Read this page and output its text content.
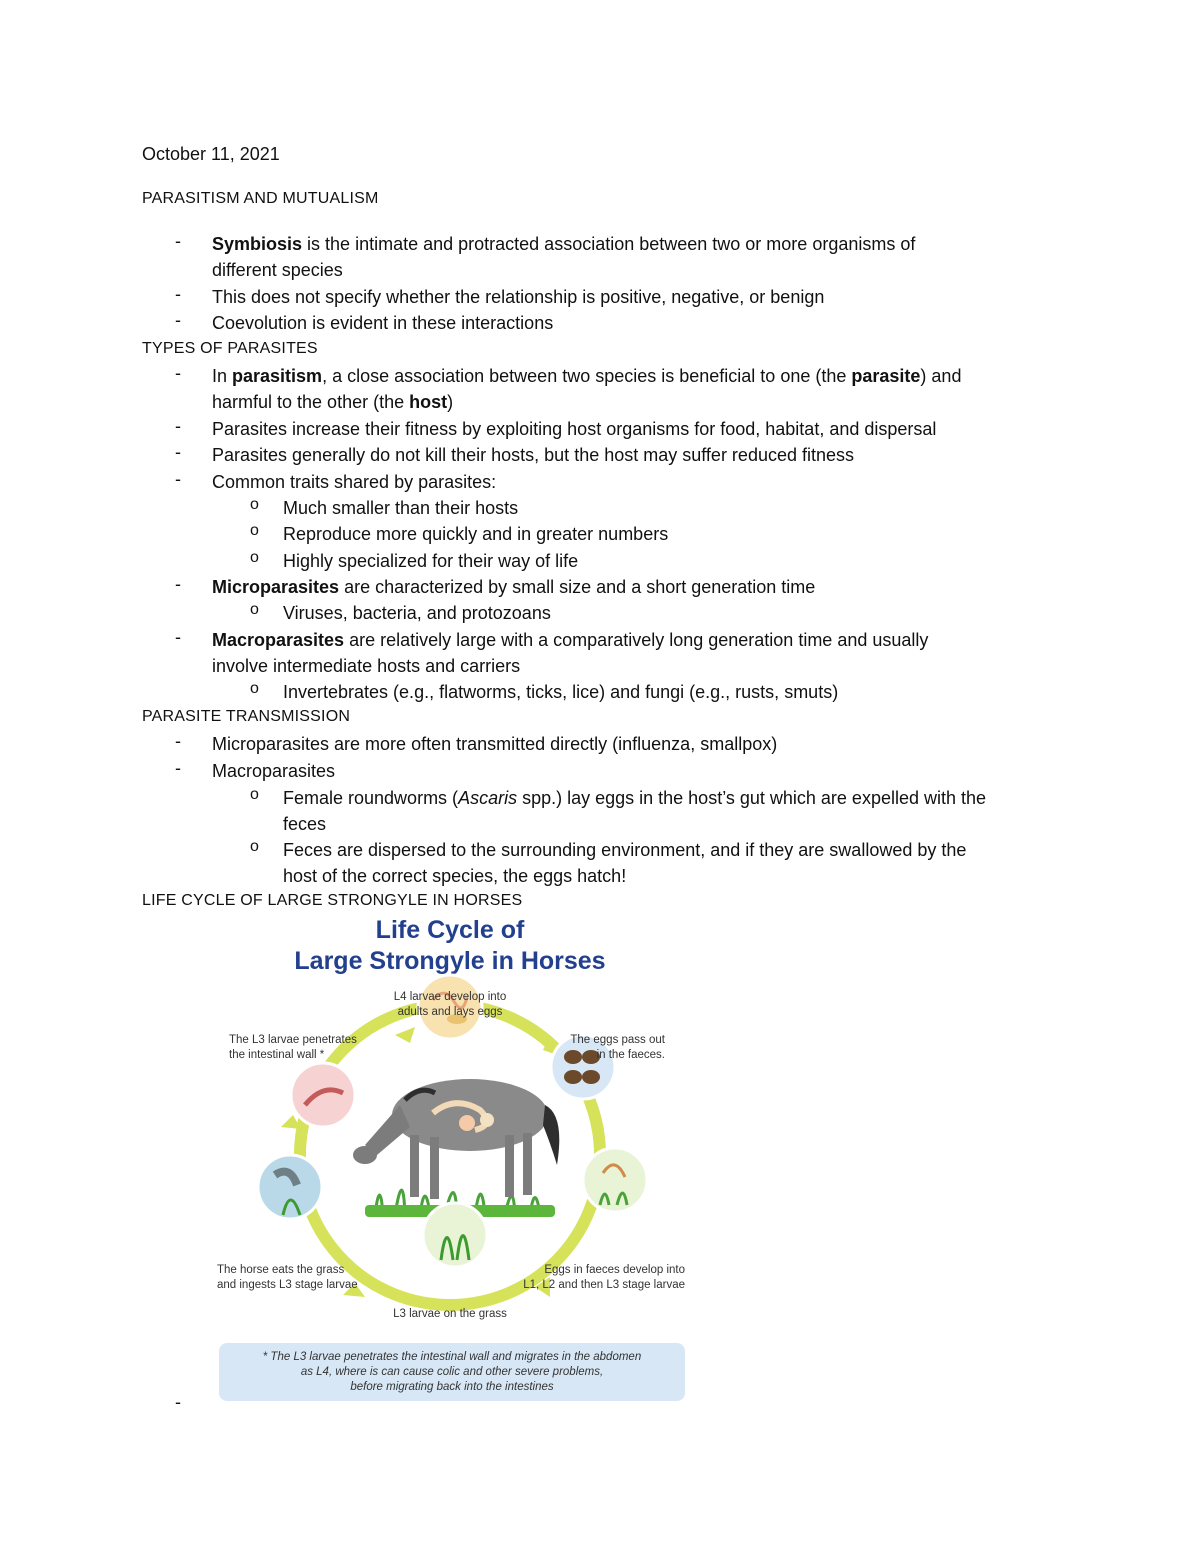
October 11, 2021
PARASITISM AND MUTUALISM
- Symbiosis is the intimate and protracted association between two or more organisms of
different species
- This does not specify whether the relationship is positive, negative, or benign
- Coevolution is evident in these interactions
TYPES OF PARASITES
- In parasitism, a close association between two species is beneficial to one (the parasite) and
harmful to the other (the host)
- Parasites increase their fitness by exploiting host organisms for food, habitat, and dispersal
- Parasites generally do not kill their hosts, but the host may suffer reduced fitness
- Common traits shared by parasites:
o Much smaller than their hosts
o Reproduce more quickly and in greater numbers
o Highly specialized for their way of life
- Microparasites are characterized by small size and a short generation time
o Viruses, bacteria, and protozoans
- Macroparasites are relatively large with a comparatively long generation time and usually
involve intermediate hosts and carriers
o Invertebrates (e.g., flatworms, ticks, lice) and fungi (e.g., rusts, smuts)
PARASITE TRANSMISSION
- Microparasites are more often transmitted directly (influenza, smallpox)
- Macroparasites
o Female roundworms (Ascaris spp.) lay eggs in the host’s gut which are expelled with the
feces
o Feces are dispersed to the surrounding environment, and if they are swallowed by the
host of the correct species, the eggs hatch!
LIFE CYCLE OF LARGE STRONGYLE IN HORSES
Life Cycle of
Large Strongyle in Horses
L4 larvae develop into
adults and lays eggs
The L3 larvae penetrates
the intestinal wall *
The eggs pass out
in the faeces.
The horse eats the grass
and ingests L3 stage larvae
Eggs in faeces develop into
L1, L2 and then L3 stage larvae
L3 larvae on the grass
* The L3 larvae penetrates the intestinal wall and migrates in the abdomen
as L4, where is can cause colic and other severe problems,
before migrating back into the intestines
-
